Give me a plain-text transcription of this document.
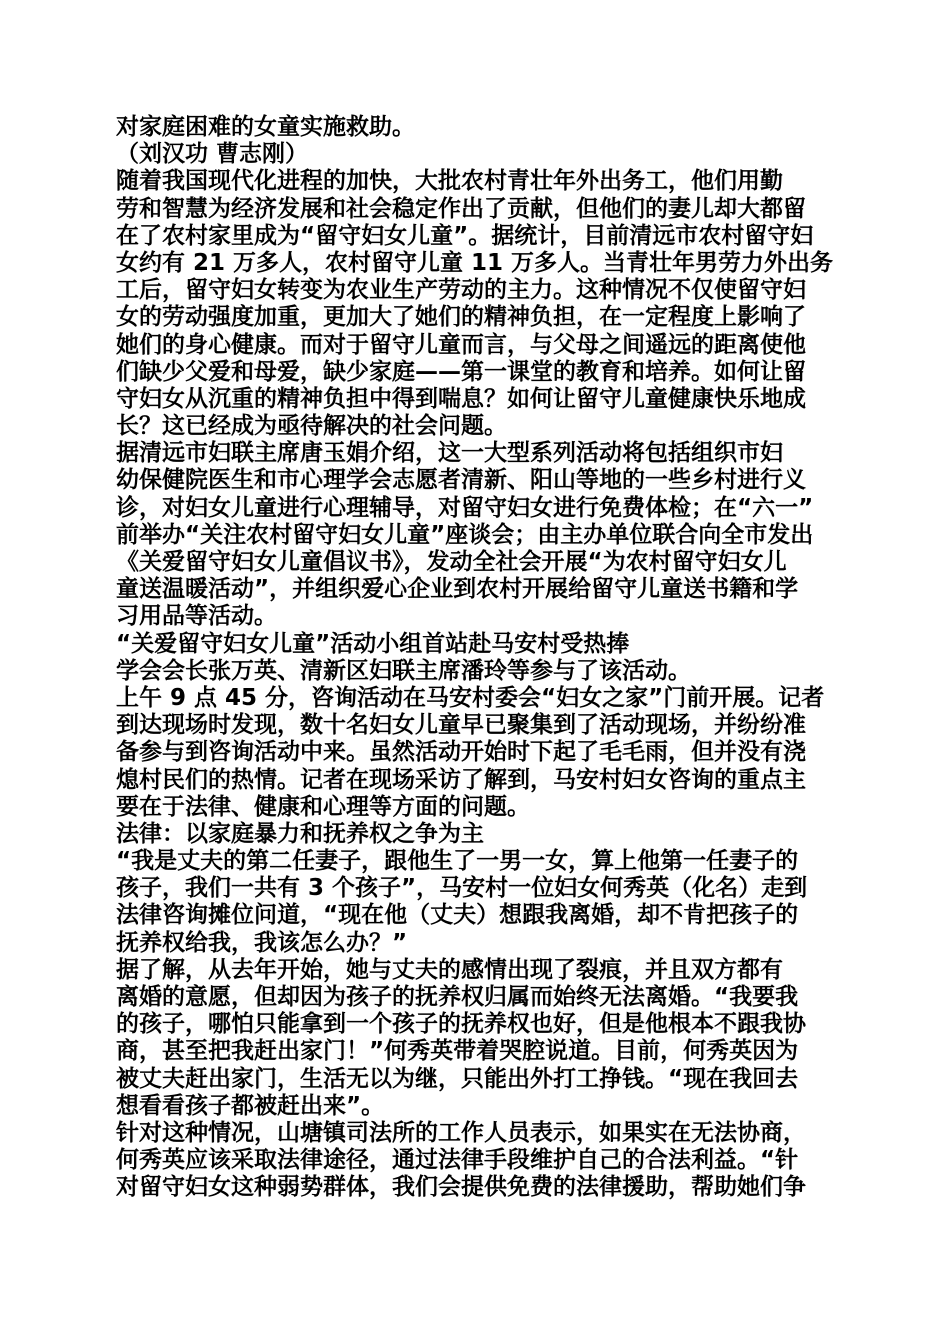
对家庭困难的女童实施救助。
（刘汉功 曹志刚）
随着我国现代化进程的加快，大批农村青壮年外出务工，他们用勤
劳和智慧为经济发展和社会稳定作出了贡献，但他们的妻儿却大都留
在了农村家里成为“留守妇女儿童”。据统计，目前清远市农村留守妇
女约有 21 万多人，农村留守儿童 11 万多人。当青壮年男劳力外出务
工后，留守妇女转变为农业生产劳动的主力。这种情况不仅使留守妇
女的劳动强度加重，更加大了她们的精神负担，在一定程度上影响了
她们的身心健康。而对于留守儿童而言，与父母之间遥远的距离使他
们缺少父爱和母爱，缺少家庭——第一课堂的教育和培养。如何让留
守妇女从沉重的精神负担中得到喘息？如何让留守儿童健康快乐地成
长？这已经成为亟待解决的社会问题。
据清远市妇联主席唐玉娟介绍，这一大型系列活动将包括组织市妇
幼保健院医生和市心理学会志愿者清新、阳山等地的一些乡村进行义
诊，对妇女儿童进行心理辅导，对留守妇女进行免费体检；在“六一”
前举办“关注农村留守妇女儿童”座谈会；由主办单位联合向全市发出
《关爱留守妇女儿童倡议书》，发动全社会开展“为农村留守妇女儿
童送温暖活动”，并组织爱心企业到农村开展给留守儿童送书籍和学
习用品等活动。
“关爱留守妇女儿童”活动小组首站赴马安村受热捧
学会会长张万英、清新区妇联主席潘玲等参与了该活动。
上午 9 点 45 分，咨询活动在马安村委会“妇女之家”门前开展。记者
到达现场时发现，数十名妇女儿童早已聚集到了活动现场，并纷纷准
备参与到咨询活动中来。虽然活动开始时下起了毛毛雨，但并没有浇
熄村民们的热情。记者在现场采访了解到，马安村妇女咨询的重点主
要在于法律、健康和心理等方面的问题。
法律：以家庭暴力和抚养权之争为主
“我是丈夫的第二任妻子，跟他生了一男一女，算上他第一任妻子的
孩子，我们一共有 3 个孩子”，马安村一位妇女何秀英（化名）走到
法律咨询摊位问道，“现在他（丈夫）想跟我离婚，却不肯把孩子的
抚养权给我，我该怎么办？”
据了解，从去年开始，她与丈夫的感情出现了裂痕，并且双方都有
离婚的意愿，但却因为孩子的抚养权归属而始终无法离婚。“我要我
的孩子，哪怕只能拿到一个孩子的抚养权也好，但是他根本不跟我协
商，甚至把我赶出家门！”何秀英带着哭腔说道。目前，何秀英因为
被丈夫赶出家门，生活无以为继，只能出外打工挣钱。“现在我回去
想看看孩子都被赶出来”。
针对这种情况，山塘镇司法所的工作人员表示，如果实在无法协商，
何秀英应该采取法律途径，通过法律手段维护自己的合法利益。“针
对留守妇女这种弱势群体，我们会提供免费的法律援助，帮助她们争
